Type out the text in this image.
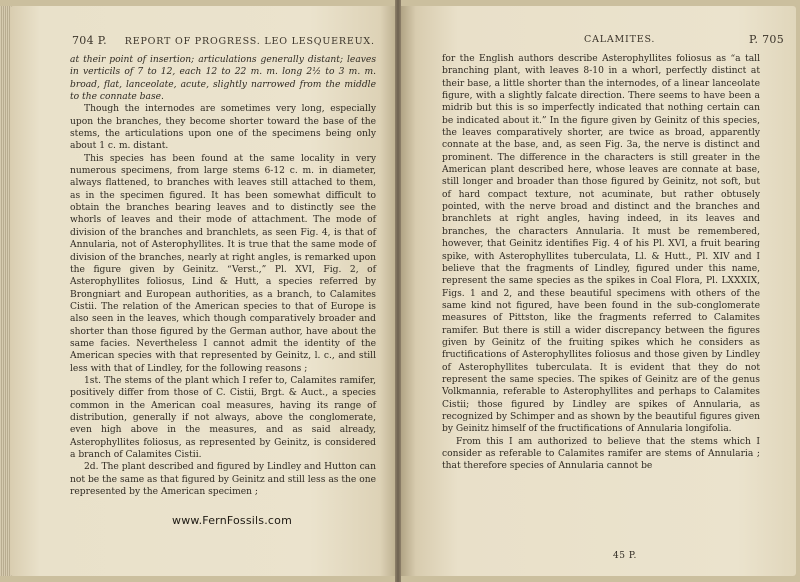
704 P. REPORT OF PROGRESS. LEO LESQUEREUX.

at their point of insertion; articulations generally distant; leaves in verticils of 7 to 12, each 12 to 22 m. m. long 2½ to 3 m. m. broad, flat, lanceolate, acute, slightly narrowed from the middle to the connate base.

Though the internodes are sometimes very long, especially upon the branches, they become shorter toward the base of the stems, the articulations upon one of the specimens being only about 1 c. m. distant.

This species has been found at the same locality in very numerous specimens, from large stems 6-12 c. m. in diameter, always flattened, to branches with leaves still attached to them, as in the specimen figured. It has been somewhat difficult to obtain the branches bearing leaves and to distinctly see the whorls of leaves and their mode of attachment. The mode of division of the branches and branchlets, as seen Fig. 4, is that of Annularia, not of Asterophyllites. It is true that the same mode of division of the branches, nearly at right angles, is remarked upon the figure given by Geinitz. “Verst.,” Pl. XVI, Fig. 2, of Asterophyllites foliosus, Lind & Hutt, a species referred by Brongniart and European authorities, as a branch, to Calamites Cistii. The relation of the American species to that of Europe is also seen in the leaves, which though comparatively broader and shorter than those figured by the German author, have about the same facies. Nevertheless I cannot admit the identity of the American species with that represented by Geinitz, l. c., and still less with that of Lindley, for the following reasons ;

1st. The stems of the plant which I refer to, Calamites ramifer, positively differ from those of C. Cistii, Brgt. & Auct., a species common in the American coal measures, having its range of distribution, generally if not always, above the conglomerate, even high above in the measures, and as said already, Asterophyllites foliosus, as represented by Geinitz, is considered a branch of Calamites Cistii.

2d. The plant described and figured by Lindley and Hutton can not be the same as that figured by Geinitz and still less as the one represented by the American specimen ;

www.FernFossils.com
CALAMITES.	P. 705

for the English authors describe Asterophyllites foliosus as “a tall branching plant, with leaves 8-10 in a whorl, perfectly distinct at their base, a little shorter than the internodes, of a linear lanceolate figure, with a slightly falcate direction. There seems to have been a midrib but this is so imperfectly indicated that nothing certain can be indicated about it.” In the figure given by Geinitz of this species, the leaves comparatively shorter, are twice as broad, apparently connate at the base, and, as seen Fig. 3a, the nerve is distinct and prominent. The difference in the characters is still greater in the American plant described here, whose leaves are connate at base, still longer and broader than those figured by Geinitz, not soft, but of hard compact texture, not acuminate, but rather obtusely pointed, with the nerve broad and distinct and the branches and branchlets at right angles, having indeed, in its leaves and branches, the characters Annularia. It must be remembered, however, that Geinitz identifies Fig. 4 of his Pl. XVI, a fruit bearing spike, with Asterophyllites tuberculata, Ll. & Hutt., Pl. XIV and I believe that the fragments of Lindley, figured under this name, represent the same species as the spikes in Coal Flora, Pl. LXXXIX, Figs. 1 and 2, and these beautiful specimens with others of the same kind not figured, have been found in the sub-conglomerate measures of Pittston, like the fragments referred to Calamites ramifer. But there is still a wider discrepancy between the figures given by Geinitz of the fruiting spikes which he considers as fructifications of Asterophyllites foliosus and those given by Lindley of Asterophyllites tuberculata. It is evident that they do not represent the same species. The spikes of Geinitz are of the genus Volkmannia, referable to Asterophyllites and perhaps to Calamites Cistii; those figured by Lindley are spikes of Annularia, as recognized by Schimper and as shown by the beautiful figures given by Geinitz himself of the fructifications of Annularia longifolia.

From this I am authorized to believe that the stems which I consider as referable to Calamites ramifer are stems of Annularia ; that therefore species of Annularia cannot be

45 P.
